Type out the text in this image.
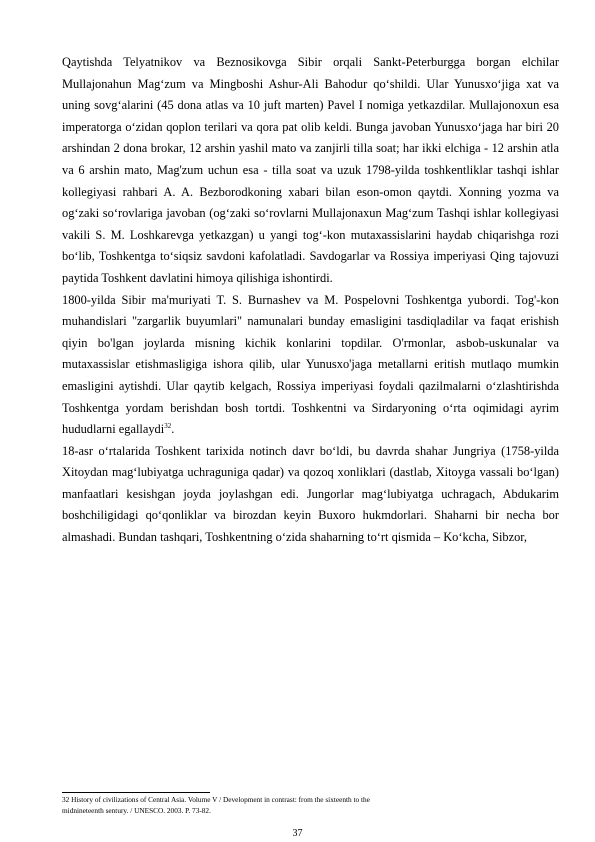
Qaytishda Telyatnikov va Beznosikovga Sibir orqali Sankt-Peterburgga borgan elchilar Mullajonahun Mag‘zum va Mingboshi Ashur-Ali Bahodur qo‘shildi. Ular Yunusxo‘jiga xat va uning sovg‘alarini (45 dona atlas va 10 juft marten) Pavel I nomiga yetkazdilar. Mullajonoxun esa imperatorga o‘zidan qoplon terilari va qora pat olib keldi. Bunga javoban Yunusxo‘jaga har biri 20 arshindan 2 dona brokar, 12 arshin yashil mato va zanjirli tilla soat; har ikki elchiga - 12 arshin atla va 6 arshin mato, Mag'zum uchun esa - tilla soat va uzuk 1798-yilda toshkentliklar tashqi ishlar kollegiyasi rahbari A. A. Bezborodkoning xabari bilan eson-omon qaytdi. Xonning yozma va og‘zaki so‘rovlariga javoban (og‘zaki so‘rovlarni Mullajonaxun Mag‘zum Tashqi ishlar kollegiyasi vakili S. M. Loshkarevga yetkazgan) u yangi tog‘-kon mutaxassislarini haydab chiqarishga rozi bo‘lib, Toshkentga to‘siqsiz savdoni kafolatladi. Savdogarlar va Rossiya imperiyasi Qing tajovuzi paytida Toshkent davlatini himoya qilishiga ishontirdi.

1800-yilda Sibir ma'muriyati T. S. Burnashev va M. Pospelovni Toshkentga yubordi. Tog'-kon muhandislari "zargarlik buyumlari" namunalari bunday emasligini tasdiqladilar va faqat erishish qiyin bo'lgan joylarda misning kichik konlarini topdilar. O'rmonlar, asbob-uskunalar va mutaxassislar etishmasligiga ishora qilib, ular Yunusxo'jaga metallarni eritish mutlaqo mumkin emasligini aytishdi. Ular qaytib kelgach, Rossiya imperiyasi foydali qazilmalarni o‘zlashtirishda Toshkentga yordam berishdan bosh tortdi. Toshkentni va Sirdaryoning o‘rta oqimidagi ayrim hududlarni egallaydi$^{32}$.

18-asr o‘rtalarida Toshkent tarixida notinch davr bo‘ldi, bu davrda shahar Jungriya (1758-yilda Xitoydan mag‘lubiyatga uchraguniga qadar) va qozoq xonliklari (dastlab, Xitoyga vassali bo‘lgan) manfaatlari kesishgan joyda joylashgan edi. Jungorlar mag‘lubiyatga uchragach, Abdukarim boshchiligidagi qo‘qonliklar va birozdan keyin Buxoro hukmdorlari. Shaharni bir necha bor almashadi. Bundan tashqari, Toshkentning o‘zida shaharning to‘rt qismida – Ko‘kcha, Sibzor,

32 History of civilizations of Central Asia. Volume V / Development in contrast: from the sixteenth to the
midnineteenth sentury. / UNESCO. 2003. P. 73-82.
37
